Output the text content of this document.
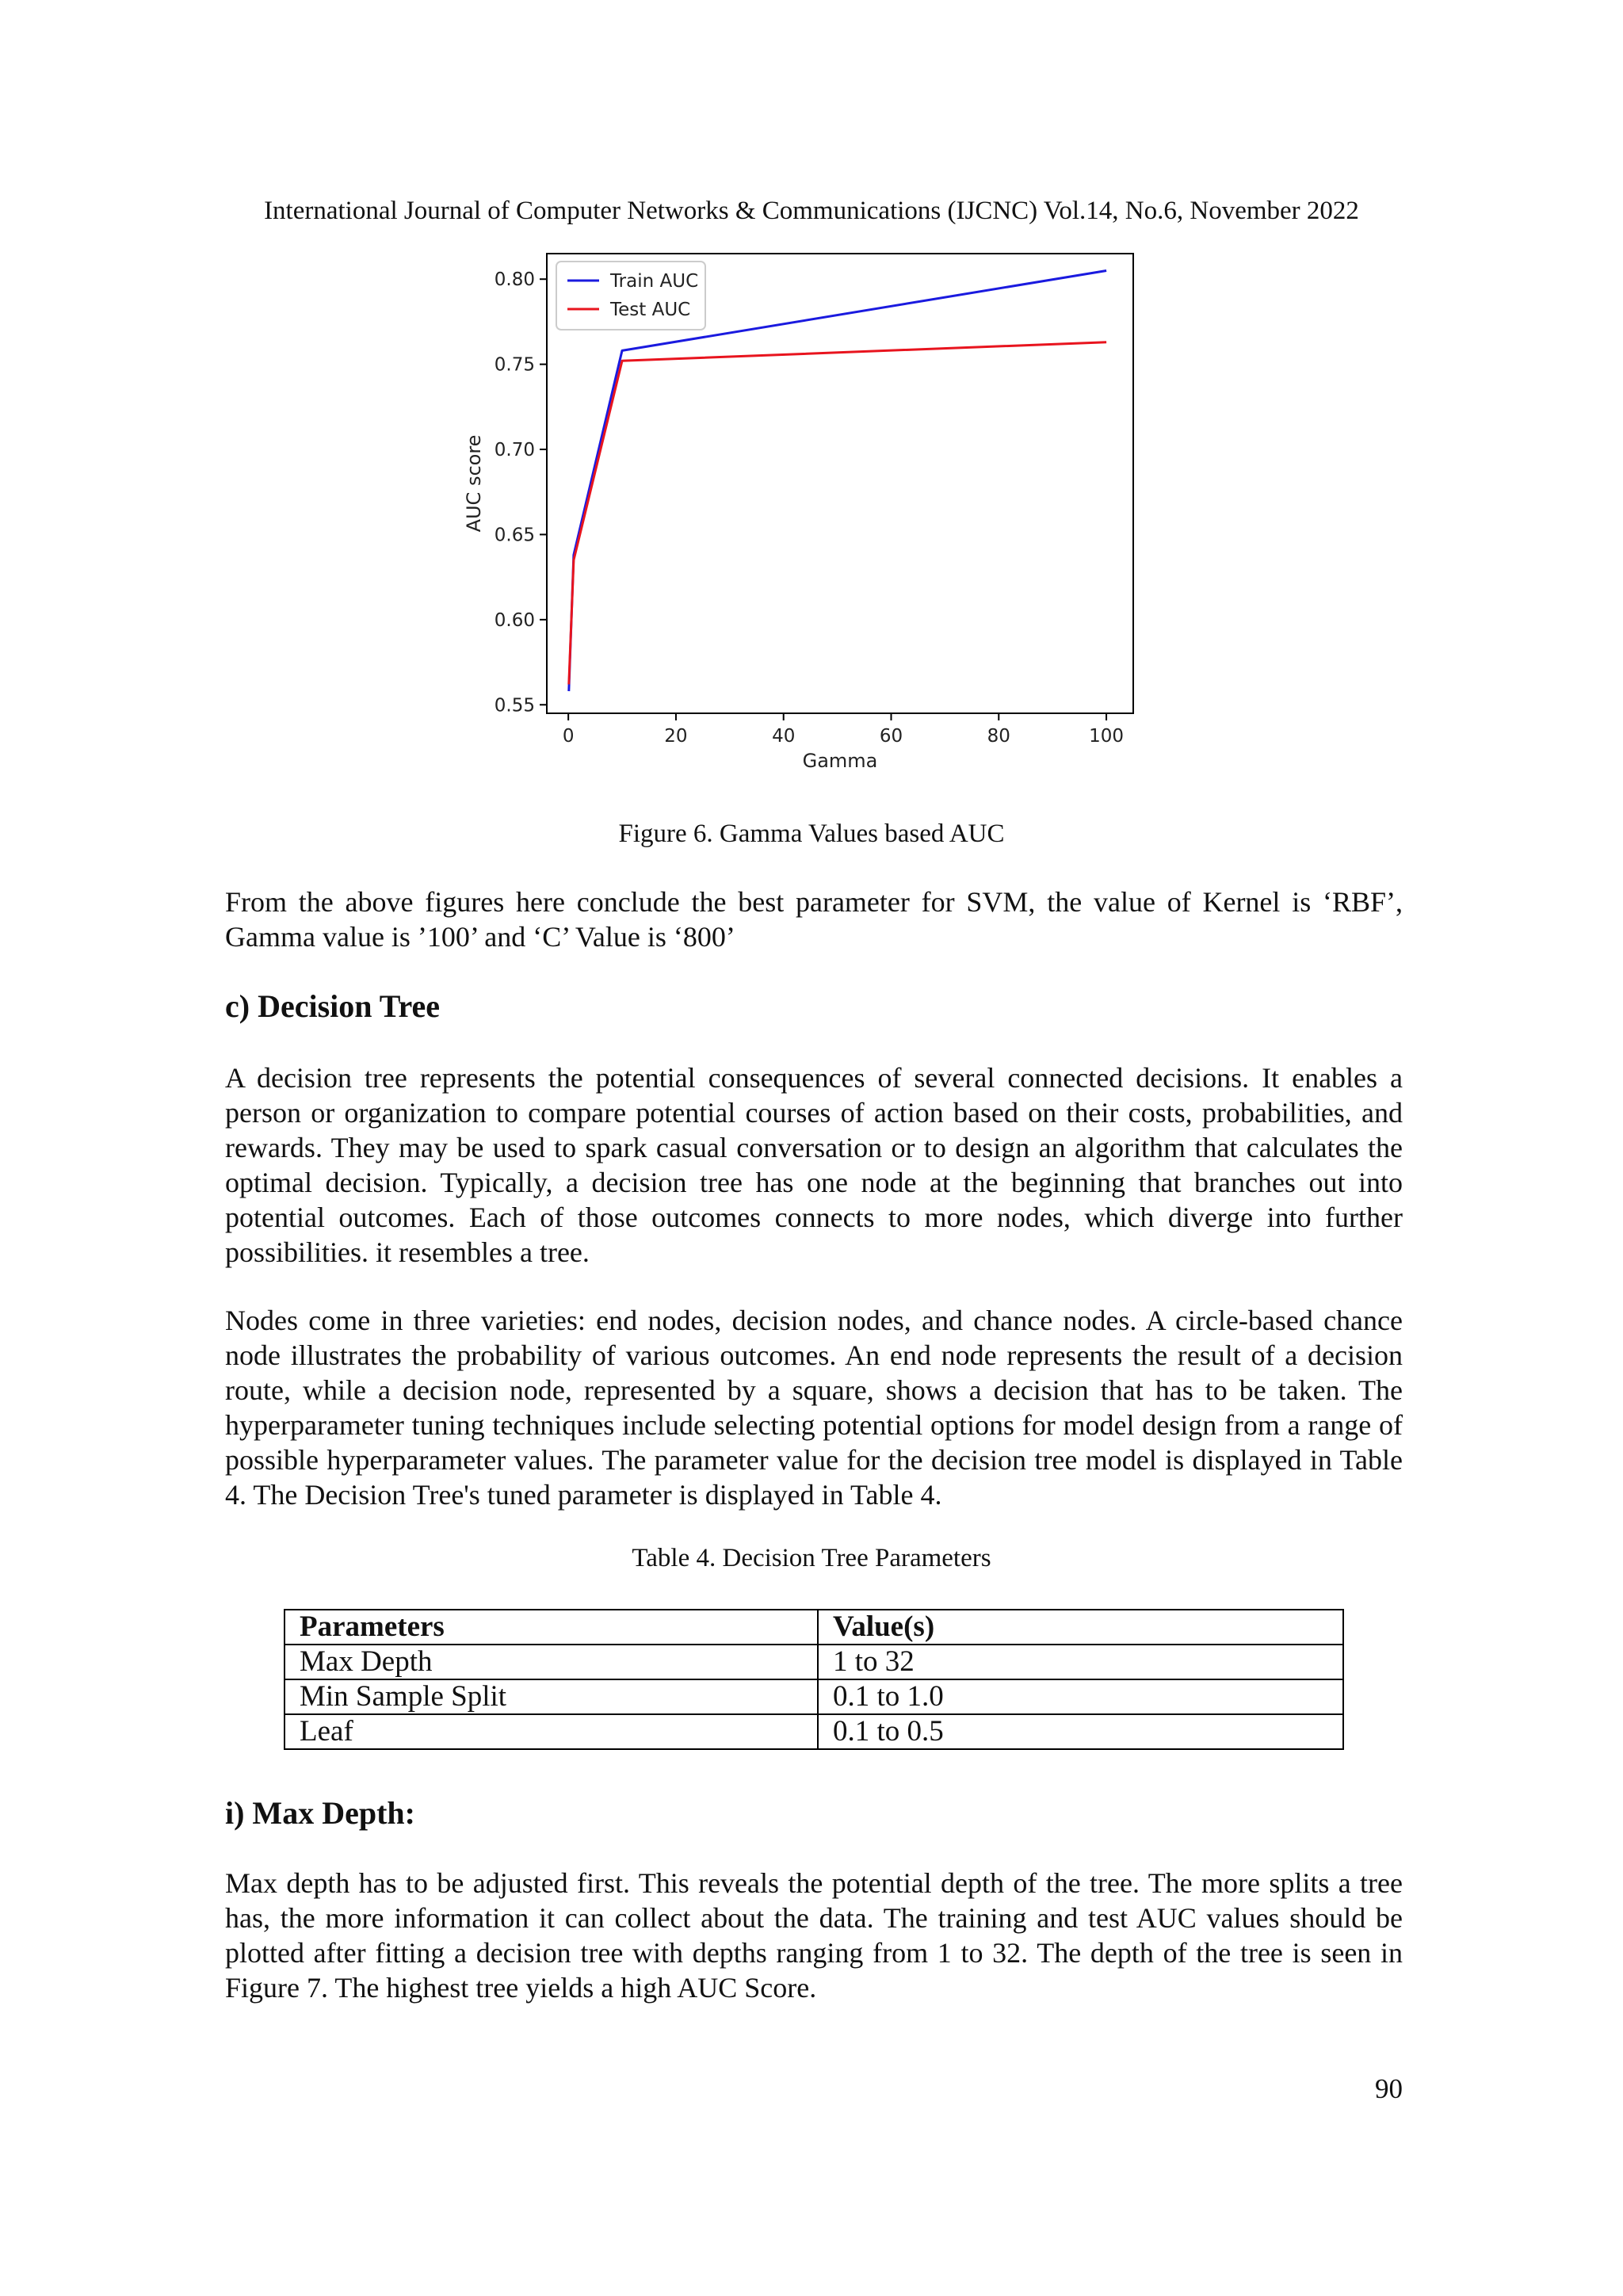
International Journal of Computer Networks & Communications (IJCNC) Vol.14, No.6, November 2022
0	20	40	60	80	100
0.55
0.60
0.65
0.70
0.75
0.80
Gamma
AUC score
Train AUC
Test AUC
Figure 6. Gamma Values based AUC

From the above figures here conclude the best parameter for SVM, the value of Kernel is ‘RBF’, Gamma value is ’100’ and ‘C’ Value is ‘800’

c) Decision Tree

A decision tree represents the potential consequences of several connected decisions. It enables a person or organization to compare potential courses of action based on their costs, probabilities, and rewards. They may be used to spark casual conversation or to design an algorithm that calculates the optimal decision. Typically, a decision tree has one node at the beginning that branches out into potential outcomes. Each of those outcomes connects to more nodes, which diverge into further possibilities. it resembles a tree.

Nodes come in three varieties: end nodes, decision nodes, and chance nodes. A circle-based chance node illustrates the probability of various outcomes. An end node represents the result of a decision route, while a decision node, represented by a square, shows a decision that has to be taken. The hyperparameter tuning techniques include selecting potential options for model design from a range of possible hyperparameter values. The parameter value for the decision tree model is displayed in Table 4. The Decision Tree's tuned parameter is displayed in Table 4.

Table 4. Decision Tree Parameters
Parameters	Value(s)
Max Depth	1 to 32
Min Sample Split	0.1 to 1.0
Leaf	0.1 to 0.5
i) Max Depth:

Max depth has to be adjusted first. This reveals the potential depth of the tree. The more splits a tree has, the more information it can collect about the data. The training and test AUC values should be plotted after fitting a decision tree with depths ranging from 1 to 32. The depth of the tree is seen in Figure 7. The highest tree yields a high AUC Score.

90
